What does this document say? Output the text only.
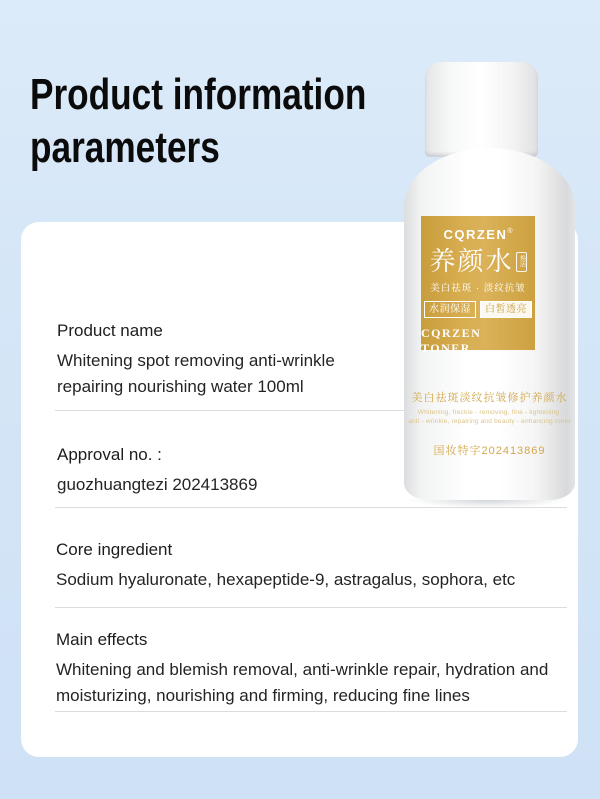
Product information
parameters
Product name
Whitening spot removing anti-wrinkle repairing nourishing water 100ml
Approval no. :
guozhuangtezi 202413869
Core ingredient
Sodium hyaluronate, hexapeptide-9, astragalus, sophora, etc
Main effects
Whitening and blemish removal, anti-wrinkle repair, hydration and moisturizing, nourishing and firming, reducing fine lines
CQRZEN®
养颜水 焕活
美白祛斑 · 淡纹抗皱
水润保湿	白皙透亮
CQRZEN TONER
美白祛斑淡纹抗皱修护养颜水
Whitening, freckle - removing, fine - lightening,
anti - wrinkle, repairing and beauty - enhancing toner
国妆特字202413869
